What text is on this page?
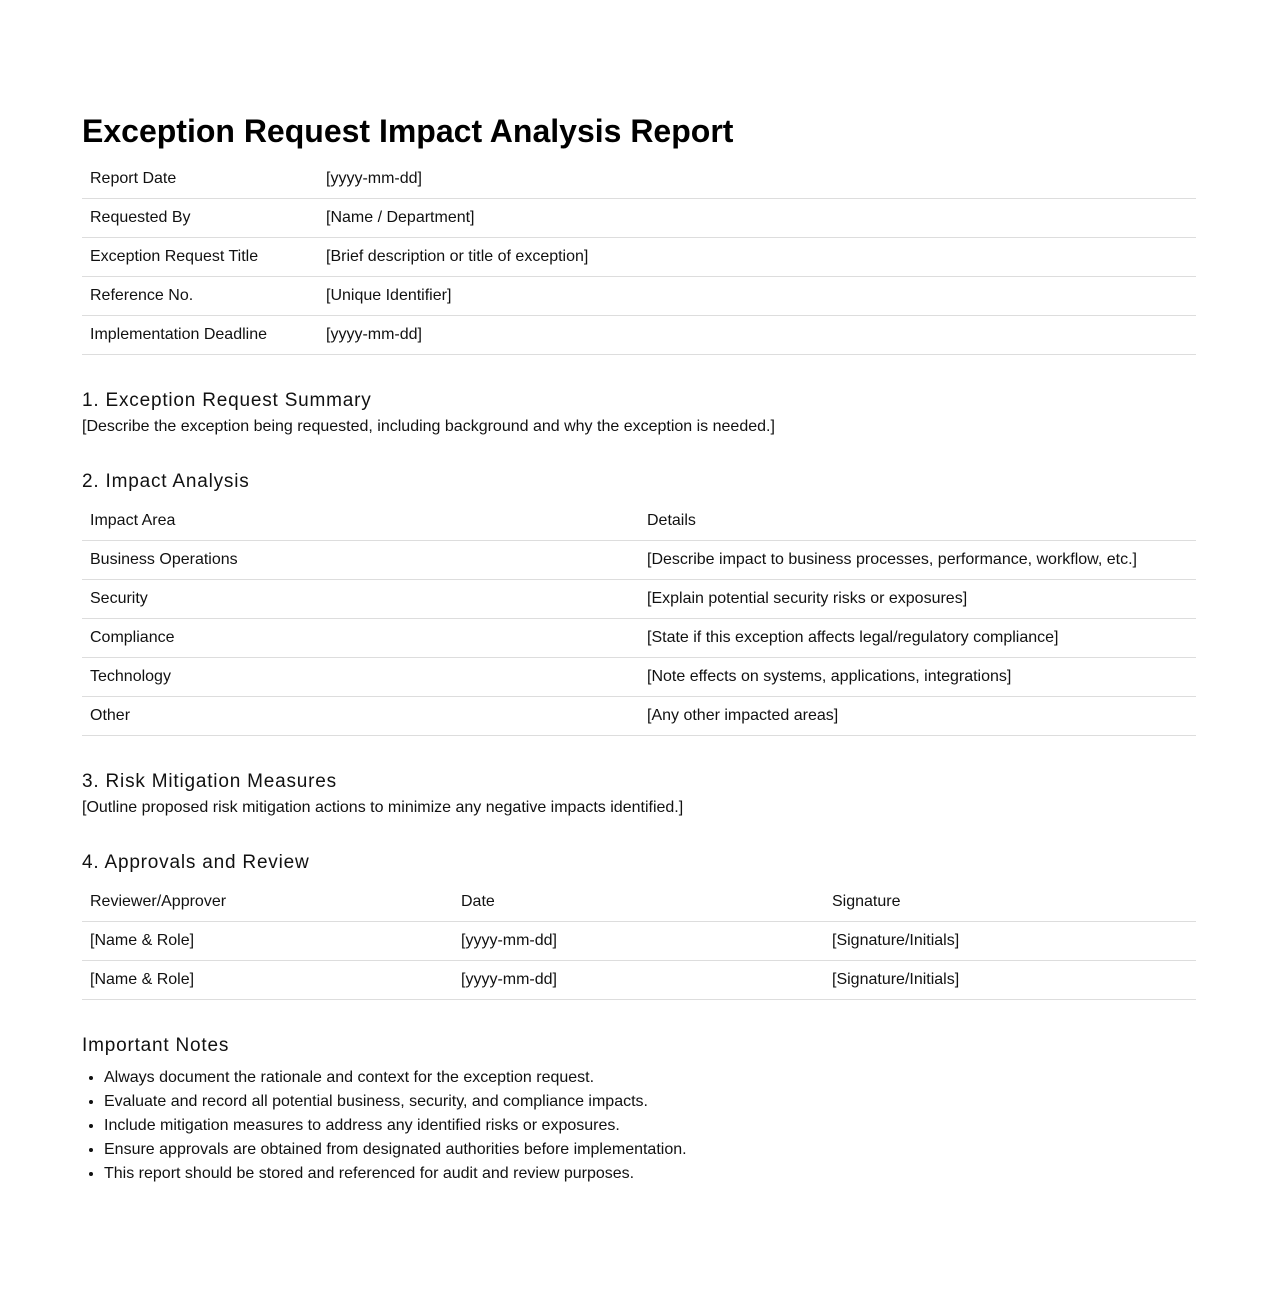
Exception Request Impact Analysis Report
Report Date	[yyyy-mm-dd]
Requested By	[Name / Department]
Exception Request Title	[Brief description or title of exception]
Reference No.	[Unique Identifier]
Implementation Deadline	[yyyy-mm-dd]
1. Exception Request Summary

[Describe the exception being requested, including background and why the exception is needed.]

2. Impact Analysis
Impact Area	Details
Business Operations	[Describe impact to business processes, performance, workflow, etc.]
Security	[Explain potential security risks or exposures]
Compliance	[State if this exception affects legal/regulatory compliance]
Technology	[Note effects on systems, applications, integrations]
Other	[Any other impacted areas]
3. Risk Mitigation Measures

[Outline proposed risk mitigation actions to minimize any negative impacts identified.]

4. Approvals and Review
Reviewer/Approver	Date	Signature
[Name & Role]	[yyyy-mm-dd]	[Signature/Initials]
[Name & Role]	[yyyy-mm-dd]	[Signature/Initials]
Important Notes
• Always document the rationale and context for the exception request.
• Evaluate and record all potential business, security, and compliance impacts.
• Include mitigation measures to address any identified risks or exposures.
• Ensure approvals are obtained from designated authorities before implementation.
• This report should be stored and referenced for audit and review purposes.
